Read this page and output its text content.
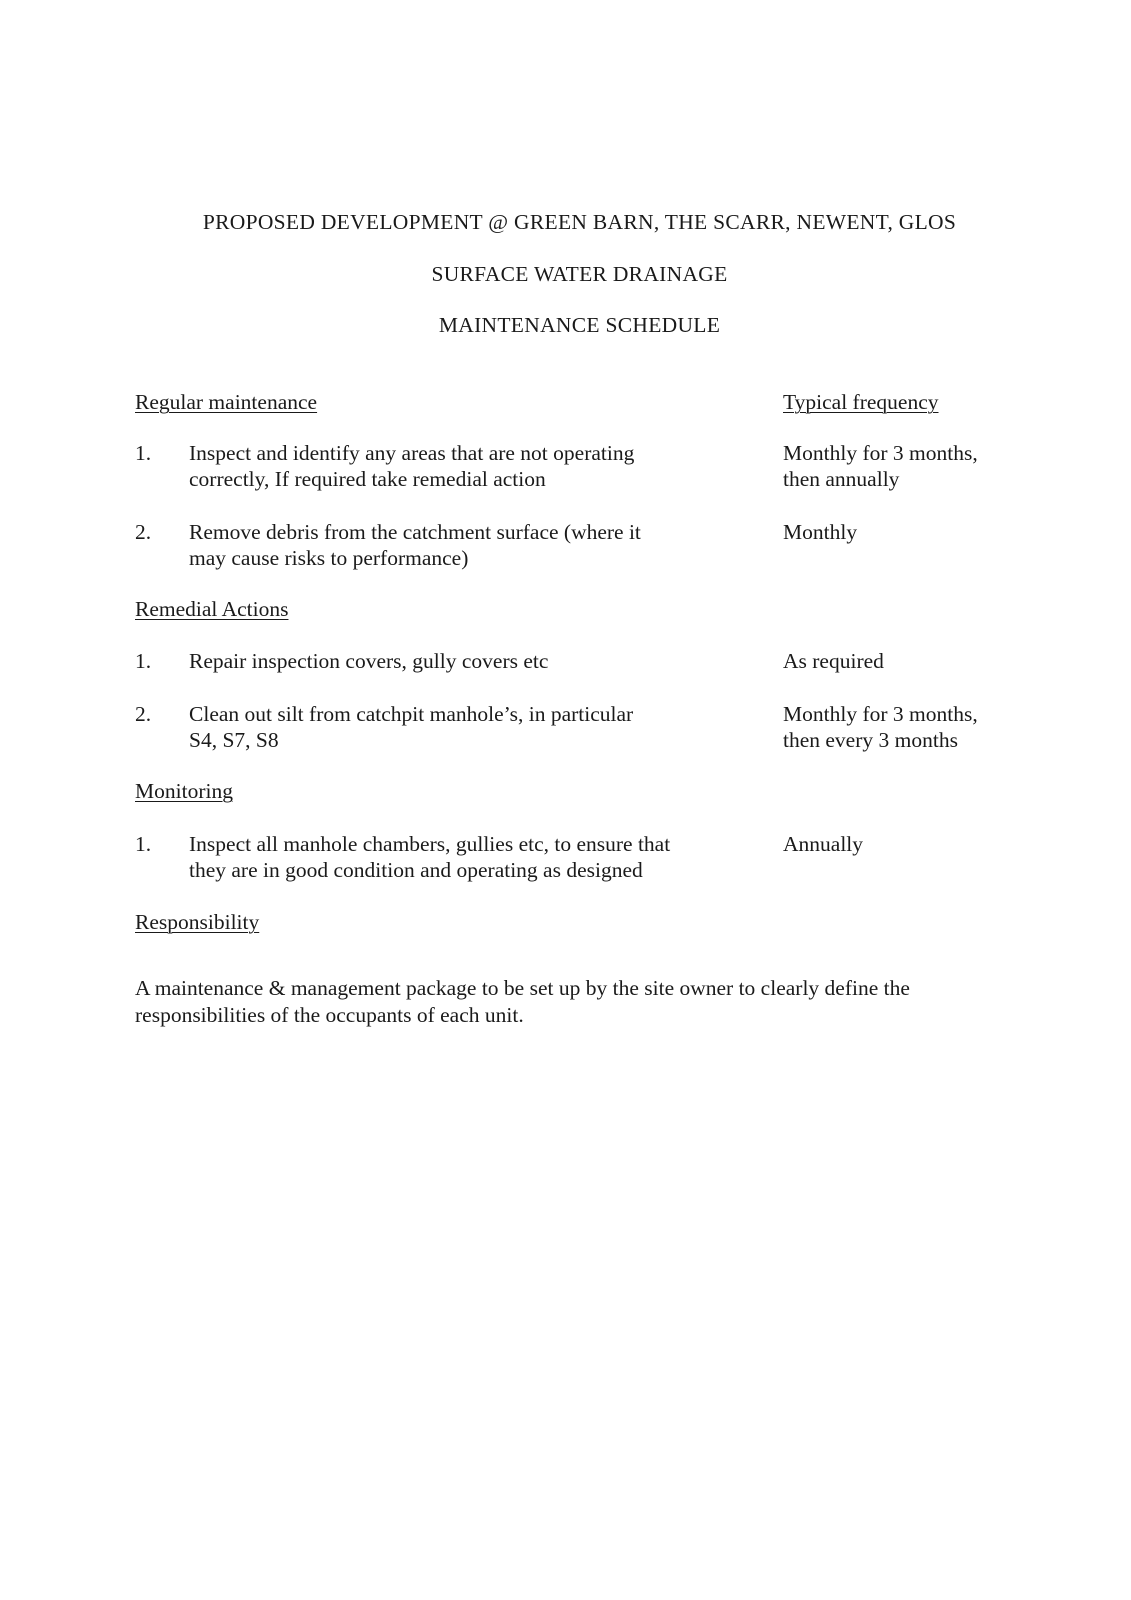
PROPOSED DEVELOPMENT @ GREEN BARN, THE SCARR, NEWENT, GLOS
SURFACE WATER DRAINAGE
MAINTENANCE SCHEDULE
Regular maintenance	Typical frequency
1. Inspect and identify any areas that are not operating
correctly, If required take remedial action
Monthly for 3 months,
then annually
2. Remove debris from the catchment surface (where it
may cause risks to performance)
Monthly
Remedial Actions
1. Repair inspection covers, gully covers etc	As required
2. Clean out silt from catchpit manhole’s, in particular
S4, S7, S8
Monthly for 3 months,
then every 3 months
Monitoring
1. Inspect all manhole chambers, gullies etc, to ensure that
they are in good condition and operating as designed
Annually
Responsibility
A maintenance & management package to be set up by the site owner to clearly define the responsibilities of the occupants of each unit.
